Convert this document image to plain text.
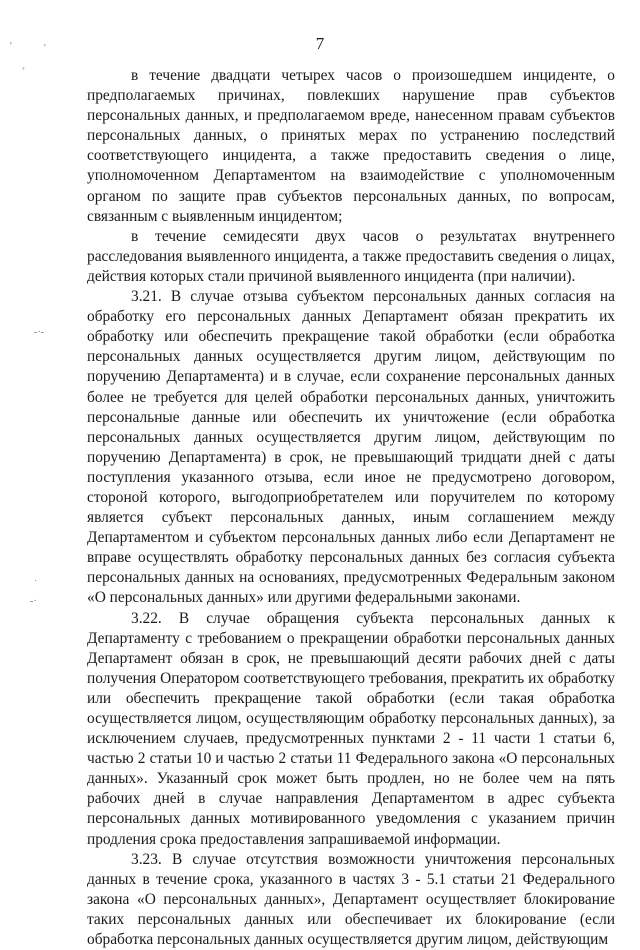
7
'	'
-·-
˙
-·

в течение двадцати четырех часов о произошедшем инциденте, о предполагаемых причинах, повлекших нарушение прав субъектов персональных данных, и предполагаемом вреде, нанесенном правам субъектов персональных данных, о принятых мерах по устранению последствий соответствующего инцидента, а также предоставить сведения о лице, уполномоченном Департаментом на взаимодействие с уполномоченным органом по защите прав субъектов персональных данных, по вопросам, связанным с выявленным инцидентом;

в течение семидесяти двух часов о результатах внутреннего расследования выявленного инцидента, а также предоставить сведения о лицах, действия которых стали причиной выявленного инцидента (при наличии).

3.21. В случае отзыва субъектом персональных данных согласия на обработку его персональных данных Департамент обязан прекратить их обработку или обеспечить прекращение такой обработки (если обработка персональных данных осуществляется другим лицом, действующим по поручению Департамента) и в случае, если сохранение персональных данных более не требуется для целей обработки персональных данных, уничтожить персональные данные или обеспечить их уничтожение (если обработка персональных данных осуществляется другим лицом, действующим по поручению Департамента) в срок, не превышающий тридцати дней с даты поступления указанного отзыва, если иное не предусмотрено договором, стороной которого, выгодоприобретателем или поручителем по которому является субъект персональных данных, иным соглашением между Департаментом и субъектом персональных данных либо если Департамент не вправе осуществлять обработку персональных данных без согласия субъекта персональных данных на основаниях, предусмотренных Федеральным законом «О персональных данных» или другими федеральными законами.

3.22. В случае обращения субъекта персональных данных к Департаменту с требованием о прекращении обработки персональных данных Департамент обязан в срок, не превышающий десяти рабочих дней с даты получения Оператором соответствующего требования, прекратить их обработку или обеспечить прекращение такой обработки (если такая обработка осуществляется лицом, осуществляющим обработку персональных данных), за исключением случаев, предусмотренных пунктами 2 - 11 части 1 статьи 6, частью 2 статьи 10 и частью 2 статьи 11 Федерального закона «О персональных данных». Указанный срок может быть продлен, но не более чем на пять рабочих дней в случае направления Департаментом в адрес субъекта персональных данных мотивированного уведомления с указанием причин продления срока предоставления запрашиваемой информации.

3.23. В случае отсутствия возможности уничтожения персональных данных в течение срока, указанного в частях 3 - 5.1 статьи 21 Федерального закона «О персональных данных», Департамент осуществляет блокирование таких персональных данных или обеспечивает их блокирование (если обработка персональных данных осуществляется другим лицом, действующим
